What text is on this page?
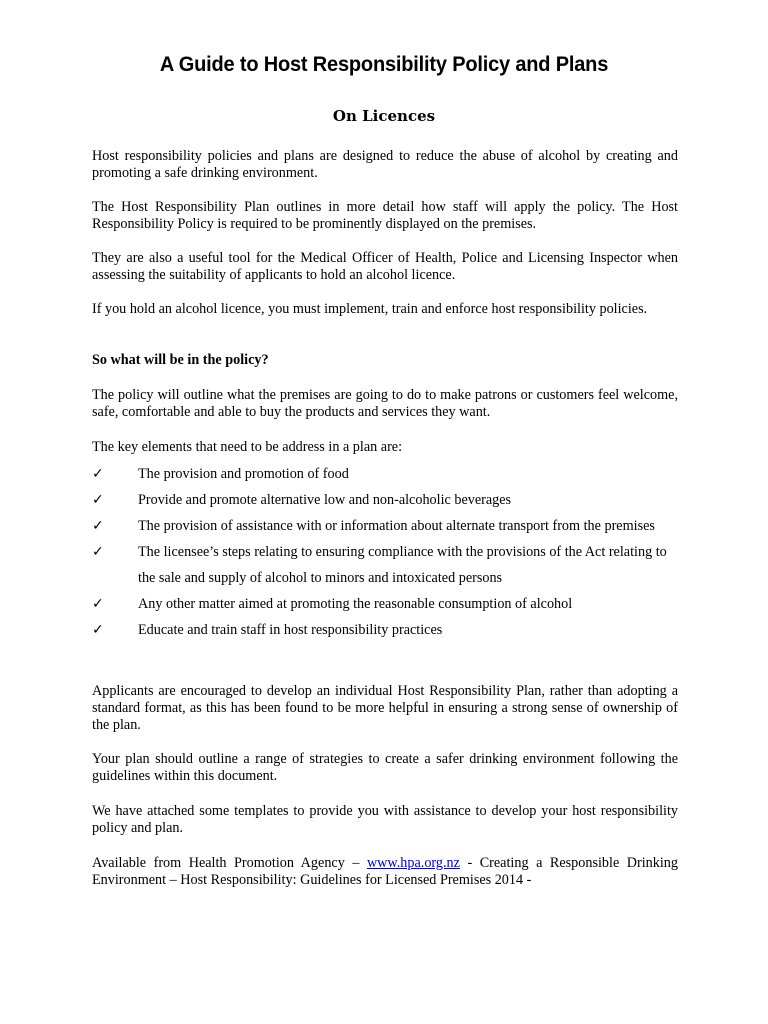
A Guide to Host Responsibility Policy and Plans
On Licences
Host responsibility policies and plans are designed to reduce the abuse of alcohol by creating and promoting a safe drinking environment.
The Host Responsibility Plan outlines in more detail how staff will apply the policy. The Host Responsibility Policy is required to be prominently displayed on the premises.
They are also a useful tool for the Medical Officer of Health, Police and Licensing Inspector when assessing the suitability of applicants to hold an alcohol licence.
If you hold an alcohol licence, you must implement, train and enforce host responsibility policies.
So what will be in the policy?
The policy will outline what the premises are going to do to make patrons or customers feel welcome, safe, comfortable and able to buy the products and services they want.
The key elements that need to be address in a plan are:
✓ The provision and promotion of food
✓ Provide and promote alternative low and non-alcoholic beverages
✓ The provision of assistance with or information about alternate transport from the premises
✓ The licensee’s steps relating to ensuring compliance with the provisions of the Act relating to the sale and supply of alcohol to minors and intoxicated persons
✓ Any other matter aimed at promoting the reasonable consumption of alcohol
✓ Educate and train staff in host responsibility practices
Applicants are encouraged to develop an individual Host Responsibility Plan, rather than adopting a standard format, as this has been found to be more helpful in ensuring a strong sense of ownership of the plan.
Your plan should outline a range of strategies to create a safer drinking environment following the guidelines within this document.
We have attached some templates to provide you with assistance to develop your host responsibility policy and plan.
Available from Health Promotion Agency – www.hpa.org.nz - Creating a Responsible Drinking Environment – Host Responsibility: Guidelines for Licensed Premises 2014 -
